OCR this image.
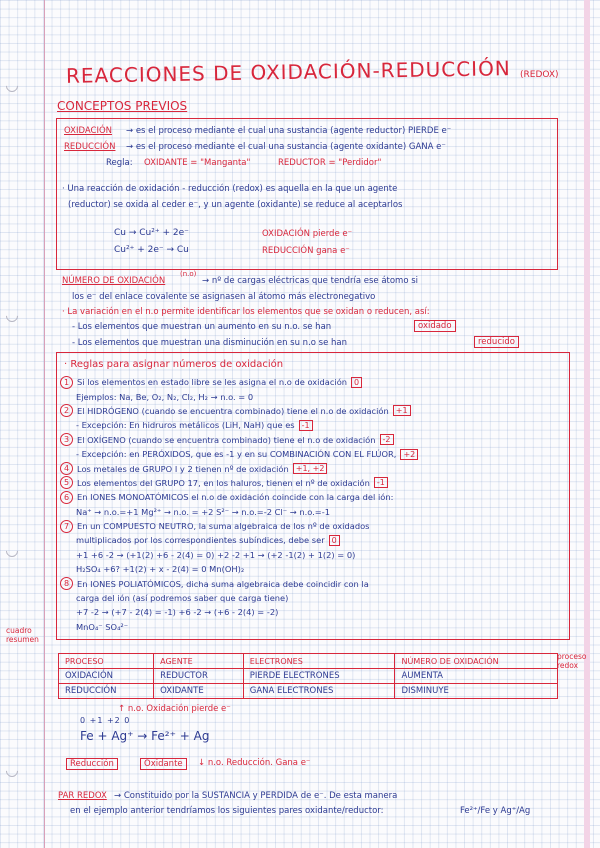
REACCIONES DE OXIDACIÓN-REDUCCIÓN (REDOX)
CONCEPTOS PREVIOS
OXIDACIÓN → es el proceso mediante el cual una sustancia (agente reductor) PIERDE e⁻
REDUCCIÓN → es el proceso mediante el cual una sustancia (agente oxidante) GANA e⁻
Regla: OXIDANTE = "Manganta"	REDUCTOR = "Perdidor"
· Una reacción de oxidación - reducción (redox) es aquella en la que un agente
(reductor) se oxida al ceder e⁻, y un agente (oxidante) se reduce al aceptarlos
Cu → Cu²⁺ + 2e⁻	OXIDACIÓN pierde e⁻
Cu²⁺ + 2e⁻ → Cu	REDUCCIÓN gana e⁻
NÚMERO DE OXIDACIÓN
(n.o)
→ nº de cargas eléctricas que tendría ese átomo si
los e⁻ del enlace covalente se asignasen al átomo más electronegativo
· La variación en el n.o permite identificar los elementos que se oxidan o reducen, así:
- Los elementos que muestran un aumento en su n.o. se han	oxidado
- Los elementos que muestran una disminución en su n.o se han	reducido
· Reglas para asignar números de oxidación
1 Si los elementos en estado libre se les asigna el n.o de oxidación 0
Ejemplos: Na, Be, O₂, N₂, Cl₂, H₂ → n.o. = 0
2 El HIDRÓGENO (cuando se encuentra combinado) tiene el n.o de oxidación +1
- Excepción: En hidruros metálicos (LiH, NaH) que es -1
3 El OXÍGENO (cuando se encuentra combinado) tiene el n.o de oxidación -2
- Excepción: en PERÓXIDOS, que es -1 y en su COMBINACIÓN CON EL FLÚOR, +2
4 Los metales de GRUPO I y 2 tienen nº de oxidación +1, +2
5 Los elementos del GRUPO 17, en los haluros, tienen el nº de oxidación -1
6 En IONES MONOATÓMICOS el n.o de oxidación coincide con la carga del ión:
Na⁺ → n.o.=+1 Mg²⁺ → n.o. = +2 S²⁻ → n.o.=-2 Cl⁻ → n.o.=-1
7 En un COMPUESTO NEUTRO, la suma algebraica de los nº de oxidados
multiplicados por los correspondientes subíndices, debe ser 0
+1 +6 -2 → (+1(2) +6 - 2(4) = 0) +2 -2 +1 → (+2 -1(2) + 1(2) = 0)
H₂SO₄ +6? +1(2) + x - 2(4) = 0 Mn(OH)₂
8 En IONES POLIATÓMICOS, dicha suma algebraica debe coincidir con la
carga del ión (así podremos saber que carga tiene)
+7 -2 → (+7 - 2(4) = -1) +6 -2 → (+6 - 2(4) = -2)
MnO₄⁻ SO₄²⁻
cuadro resumen
proceso redox
PROCESO	AGENTE	ELECTRONES	NÚMERO DE OXIDACIÓN
OXIDACIÓN	REDUCTOR	PIERDE ELECTRONES	AUMENTA
REDUCCIÓN	OXIDANTE	GANA ELECTRONES	DISMINUYE
↑ n.o. Oxidación pierde e⁻
0 +1 +2 0
Fe + Ag⁺ → Fe²⁺ + Ag
Reducción	Oxidante	↓ n.o. Reducción. Gana e⁻
PAR REDOX → Constituido por la SUSTANCIA y PERDIDA de e⁻. De esta manera
en el ejemplo anterior tendríamos los siguientes pares oxidante/reductor:	Fe²⁺/Fe y Ag⁺/Ag
